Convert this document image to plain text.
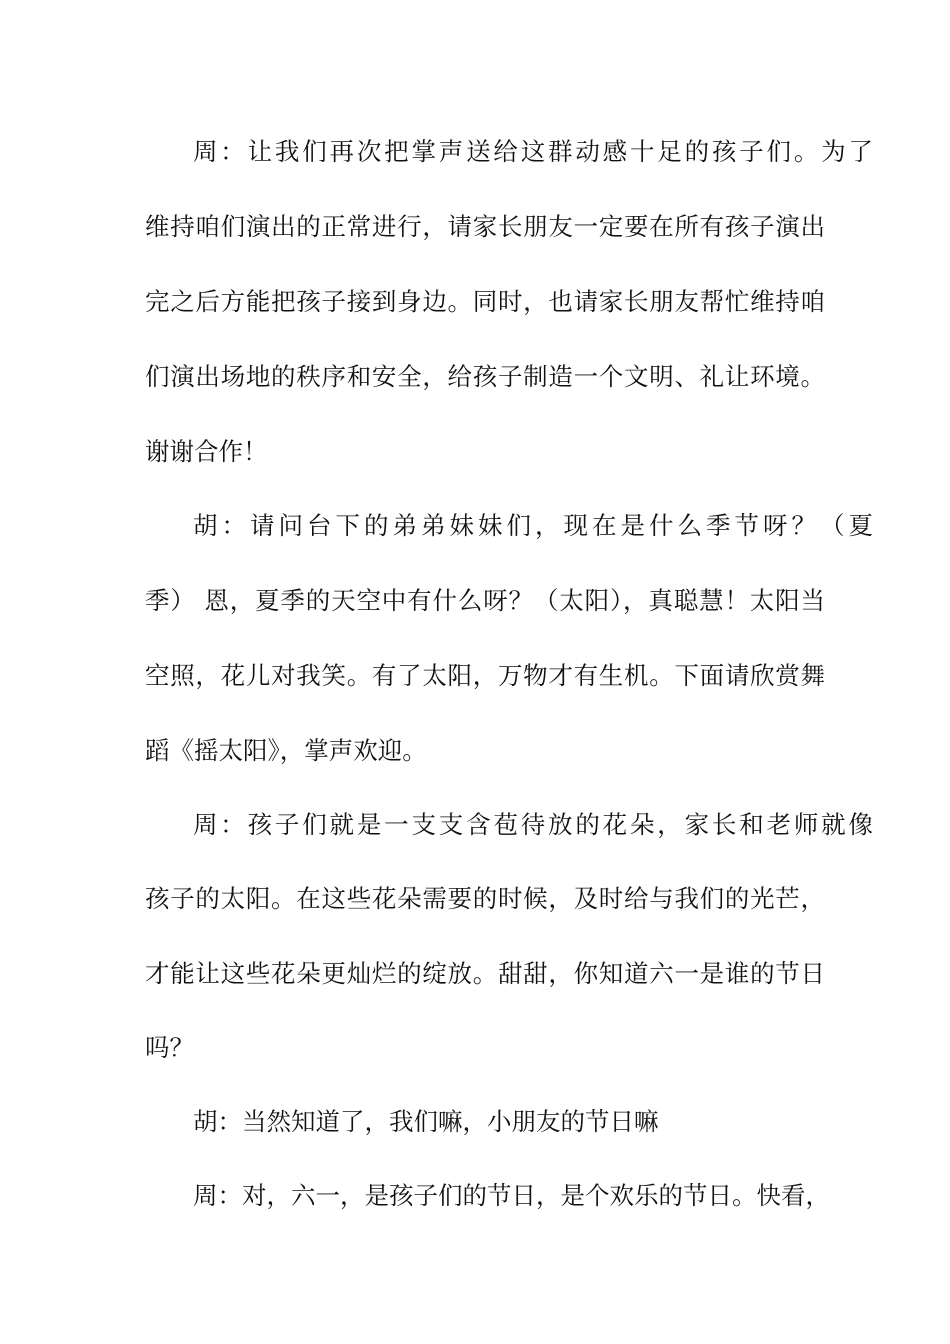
周：让我们再次把掌声送给这群动感十足的孩子们。为了
维持咱们演出的正常进行，请家长朋友一定要在所有孩子演出
完之后方能把孩子接到身边。同时，也请家长朋友帮忙维持咱
们演出场地的秩序和安全，给孩子制造一个文明、礼让环境。
谢谢合作！
胡：请问台下的弟弟妹妹们，现在是什么季节呀？（夏
季） 恩，夏季的天空中有什么呀？（太阳），真聪慧！太阳当
空照，花儿对我笑。有了太阳，万物才有生机。下面请欣赏舞
蹈《摇太阳》，掌声欢迎。
周：孩子们就是一支支含苞待放的花朵，家长和老师就像
孩子的太阳。在这些花朵需要的时候，及时给与我们的光芒，
才能让这些花朵更灿烂的绽放。甜甜，你知道六一是谁的节日
吗？
胡：当然知道了，我们嘛，小朋友的节日嘛
周：对，六一，是孩子们的节日，是个欢乐的节日。快看，
